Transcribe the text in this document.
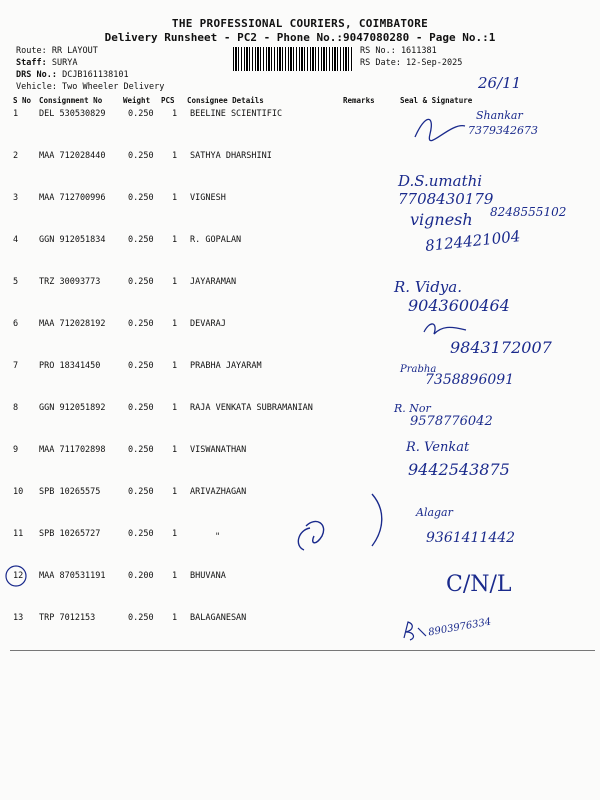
THE PROFESSIONAL COURIERS, COIMBATORE
Delivery Runsheet - PC2 - Phone No.:9047080280 - Page No.:1
Route: RR LAYOUT
Staff: SURYA
DRS No.: DCJB161138101
Vehicle: Two Wheeler Delivery
RS No.: 1611381
RS Date: 12-Sep-2025
26/11
S No Consignment No	Weight PCS Consignee Details	Remarks	Seal & Signature
1 DEL 530530829	0.250 1 BEELINE SCIENTIFIC
2 MAA 712028440	0.250 1 SATHYA DHARSHINI
3 MAA 712700996	0.250 1 VIGNESH
4 GGN 912051834	0.250 1 R. GOPALAN
5 TRZ 30093773	0.250 1 JAYARAMAN
6 MAA 712028192	0.250 1 DEVARAJ
7 PRO 18341450	0.250 1 PRABHA JAYARAM
8 GGN 912051892	0.250 1 RAJA VENKATA SUBRAMANIAN
9 MAA 711702898	0.250 1 VISWANATHAN
10 SPB 10265575	0.250 1 ARIVAZHAGAN
11 SPB 10265727	0.250 1	"
12 MAA 870531191	0.200 1 BHUVANA
13 TRP 7012153	0.250 1 BALAGANESAN
Shankar
7379342673
D.S.umathi
7708430179
vignesh 8248555102
8124421004
R. Vidya.
9043600464
9843172007
Prabha
7358896091
R. Nor
9578776042
R. Venkat
9442543875
Alagar
9361411442
C/N/L
8903976334
